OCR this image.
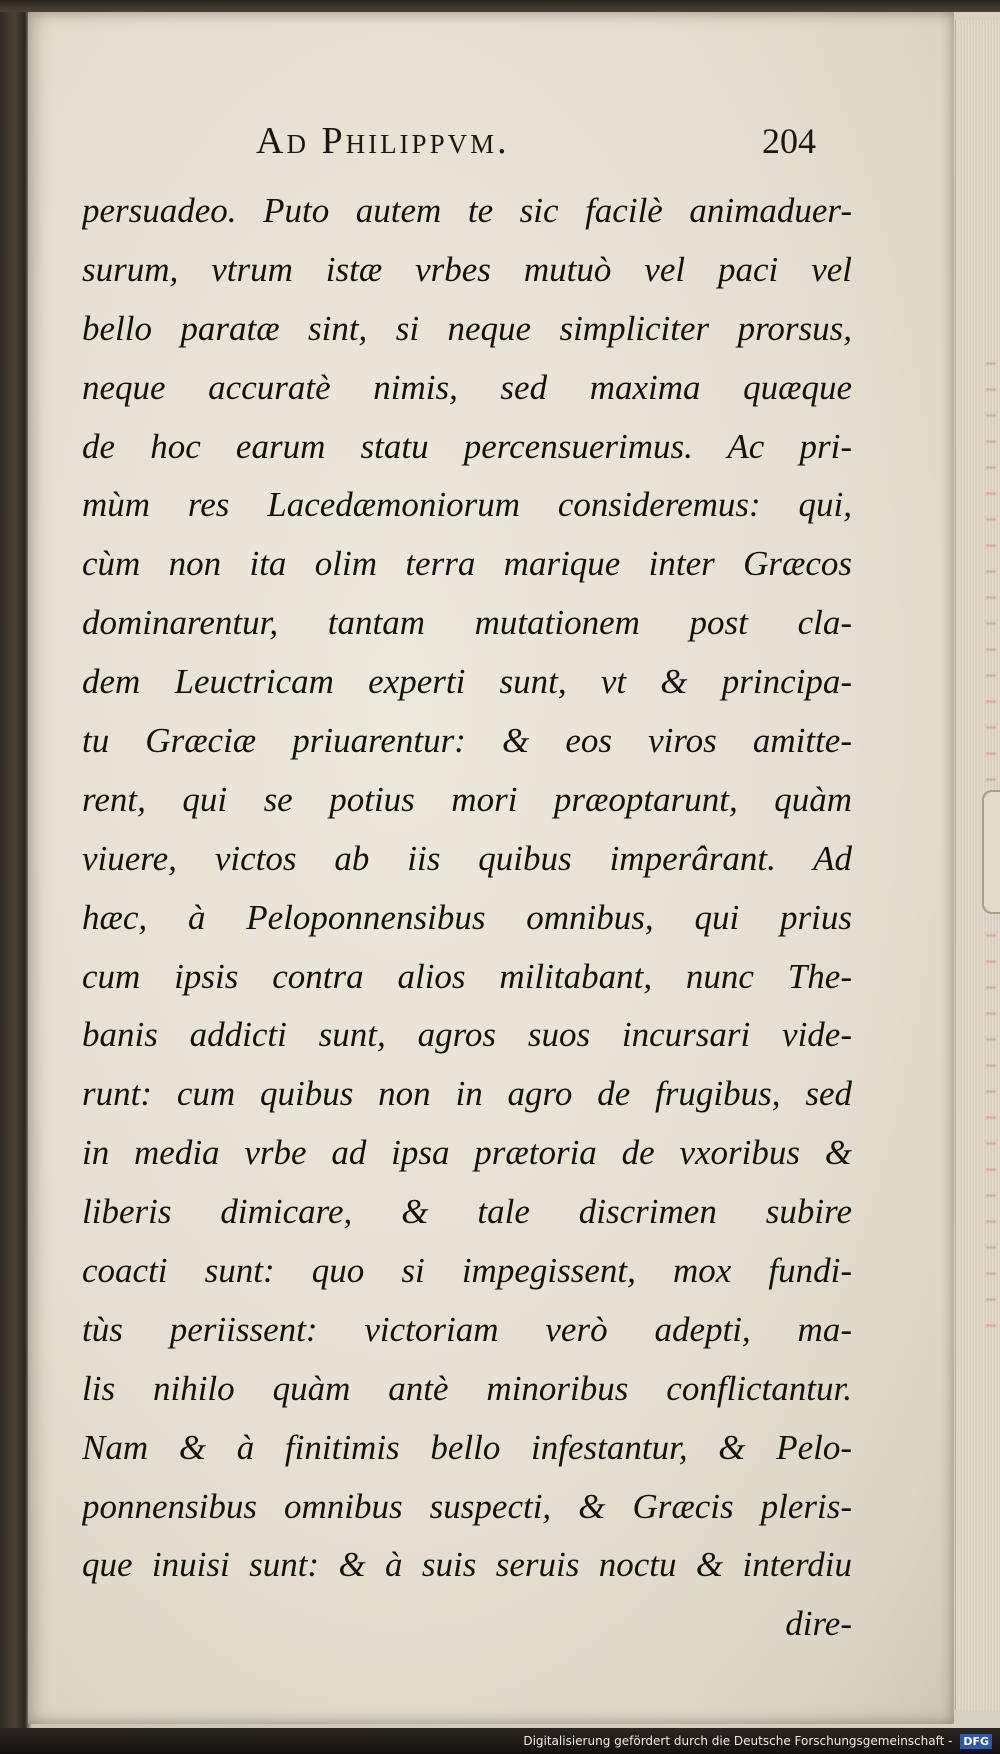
Ad Philippvm.	204
persuadeo. Puto autem te sic facilè animaduer-
surum, vtrum istæ vrbes mutuò vel paci vel
bello paratæ sint, si neque simpliciter prorsus,
neque accuratè nimis, sed maxima quæque
de hoc earum statu percensuerimus. Ac pri-
mùm res Lacedæmoniorum consideremus: qui,
cùm non ita olim terra marique inter Græcos
dominarentur, tantam mutationem post cla-
dem Leuctricam experti sunt, vt & principa-
tu Græciæ priuarentur: & eos viros amitte-
rent, qui se potius mori præoptarunt, quàm
viuere, victos ab iis quibus imperârant. Ad
hæc, à Peloponnensibus omnibus, qui prius
cum ipsis contra alios militabant, nunc The-
banis addicti sunt, agros suos incursari vide-
runt: cum quibus non in agro de frugibus, sed
in media vrbe ad ipsa prætoria de vxoribus &
liberis dimicare, & tale discrimen subire
coacti sunt: quo si impegissent, mox fundi-
tùs periissent: victoriam verò adepti, ma-
lis nihilo quàm antè minoribus conflictantur.
Nam & à finitimis bello infestantur, & Pelo-
ponnensibus omnibus suspecti, & Græcis pleris-
que inuisi sunt: & à suis seruis noctu & interdiu
dire-
Digitalisierung gefördert durch die Deutsche Forschungsgemeinschaft - DFG
